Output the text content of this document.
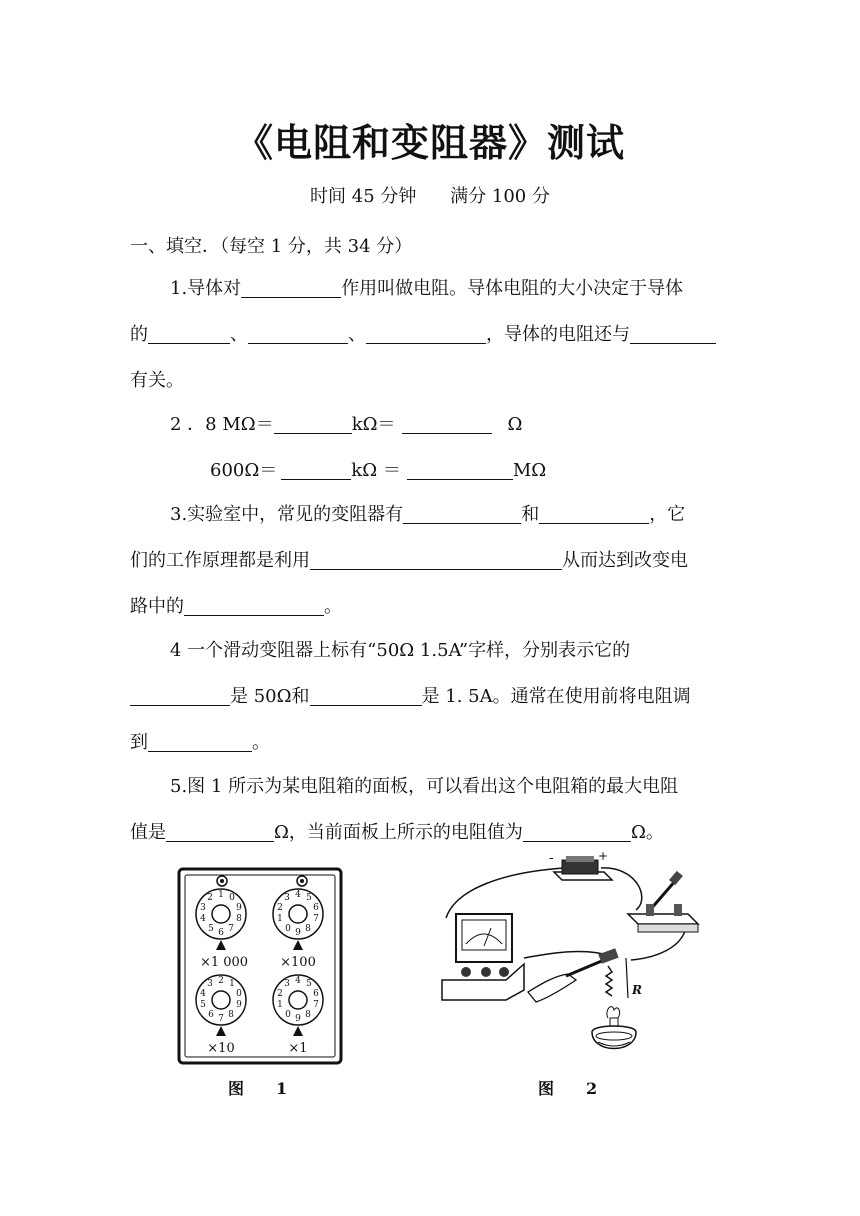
《电阻和变阻器》测试
时间 45 分钟 满分 100 分
一、填空．（每空 1 分，共 34 分）
1.导体对	作用叫做电阻。导体电阻的大小决定于导体
的	、	、	，导体的电阻还与
有关。
2 ．8 MΩ＝	kΩ＝	Ω
600Ω＝	kΩ ＝	MΩ
3.实验室中，常见的变阻器有	和	，它
们的工作原理都是利用	从而达到改变电
路中的	。
4 一个滑动变阻器上标有“50Ω 1.5A”字样，分别表示它的
是 50Ω和	是 1. 5A。通常在使用前将电阻调
到	。
5.图 1 所示为某电阻箱的面板，可以看出这个电阻箱的最大电阻
值是	Ω，当前面板上所示的电阻值为	Ω。
1 0
9
8
7
6
5
4
3
2	4 5
6
7
8
9
0
1
2
3
2 1
0
9
8
7
6
5
4
3	4 5
6
7
8
9
0
1
2
3
×1 000 ×100
×10	×1
图　　1
-	+
R
图　　2
